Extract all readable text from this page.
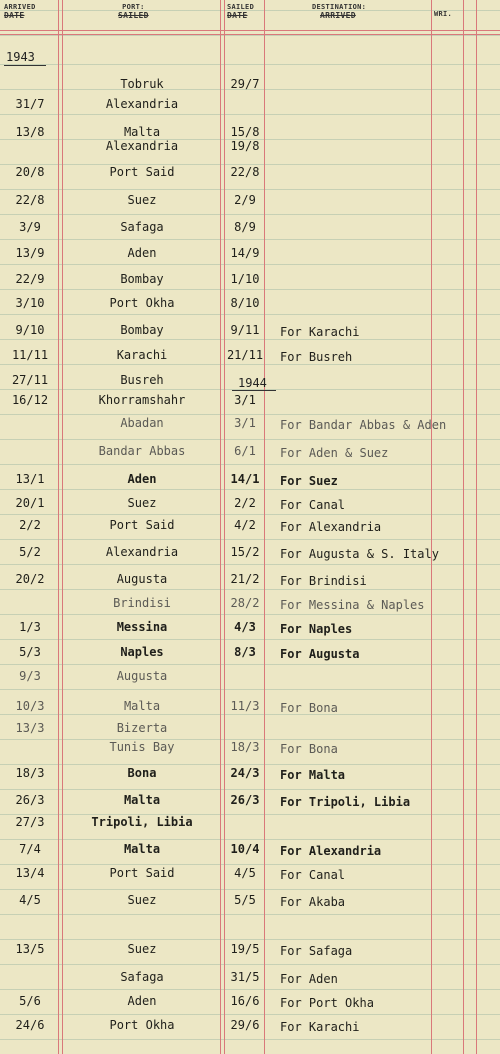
ARRIVED
DATE
PORT:
SAILED
SAILED
DATE
DESTINATION:
ARRIVED	WRI.
1943
1944
Tobruk	29/7
31/7	Alexandria
13/8	Malta	15/8
Alexandria	19/8
20/8	Port Said	22/8
22/8	Suez	2/9
3/9	Safaga	8/9
13/9	Aden	14/9
22/9	Bombay	1/10
3/10	Port Okha	8/10
9/10	Bombay	9/11	For Karachi
11/11	Karachi	21/11 For Busreh
27/11	Busreh
16/12	Khorramshahr	3/1
Abadan	3/1	For Bandar Abbas & Aden
Bandar Abbas	6/1	For Aden & Suez
13/1	Aden	14/1	For Suez
20/1	Suez	2/2	For Canal
2/2	Port Said	4/2	For Alexandria
5/2	Alexandria	15/2	For Augusta & S. Italy
20/2	Augusta	21/2	For Brindisi
Brindisi	28/2	For Messina & Naples
1/3	Messina	4/3	For Naples
5/3	Naples	8/3	For Augusta
9/3	Augusta
10/3	Malta	11/3	For Bona
13/3	Bizerta
Tunis Bay	18/3	For Bona
18/3	Bona	24/3	For Malta
26/3	Malta	26/3	For Tripoli, Libia
27/3	Tripoli, Libia
7/4	Malta	10/4	For Alexandria
13/4	Port Said	4/5	For Canal
4/5	Suez	5/5	For Akaba
13/5	Suez	19/5	For Safaga
Safaga	31/5	For Aden
5/6	Aden	16/6	For Port Okha
24/6	Port Okha	29/6	For Karachi
